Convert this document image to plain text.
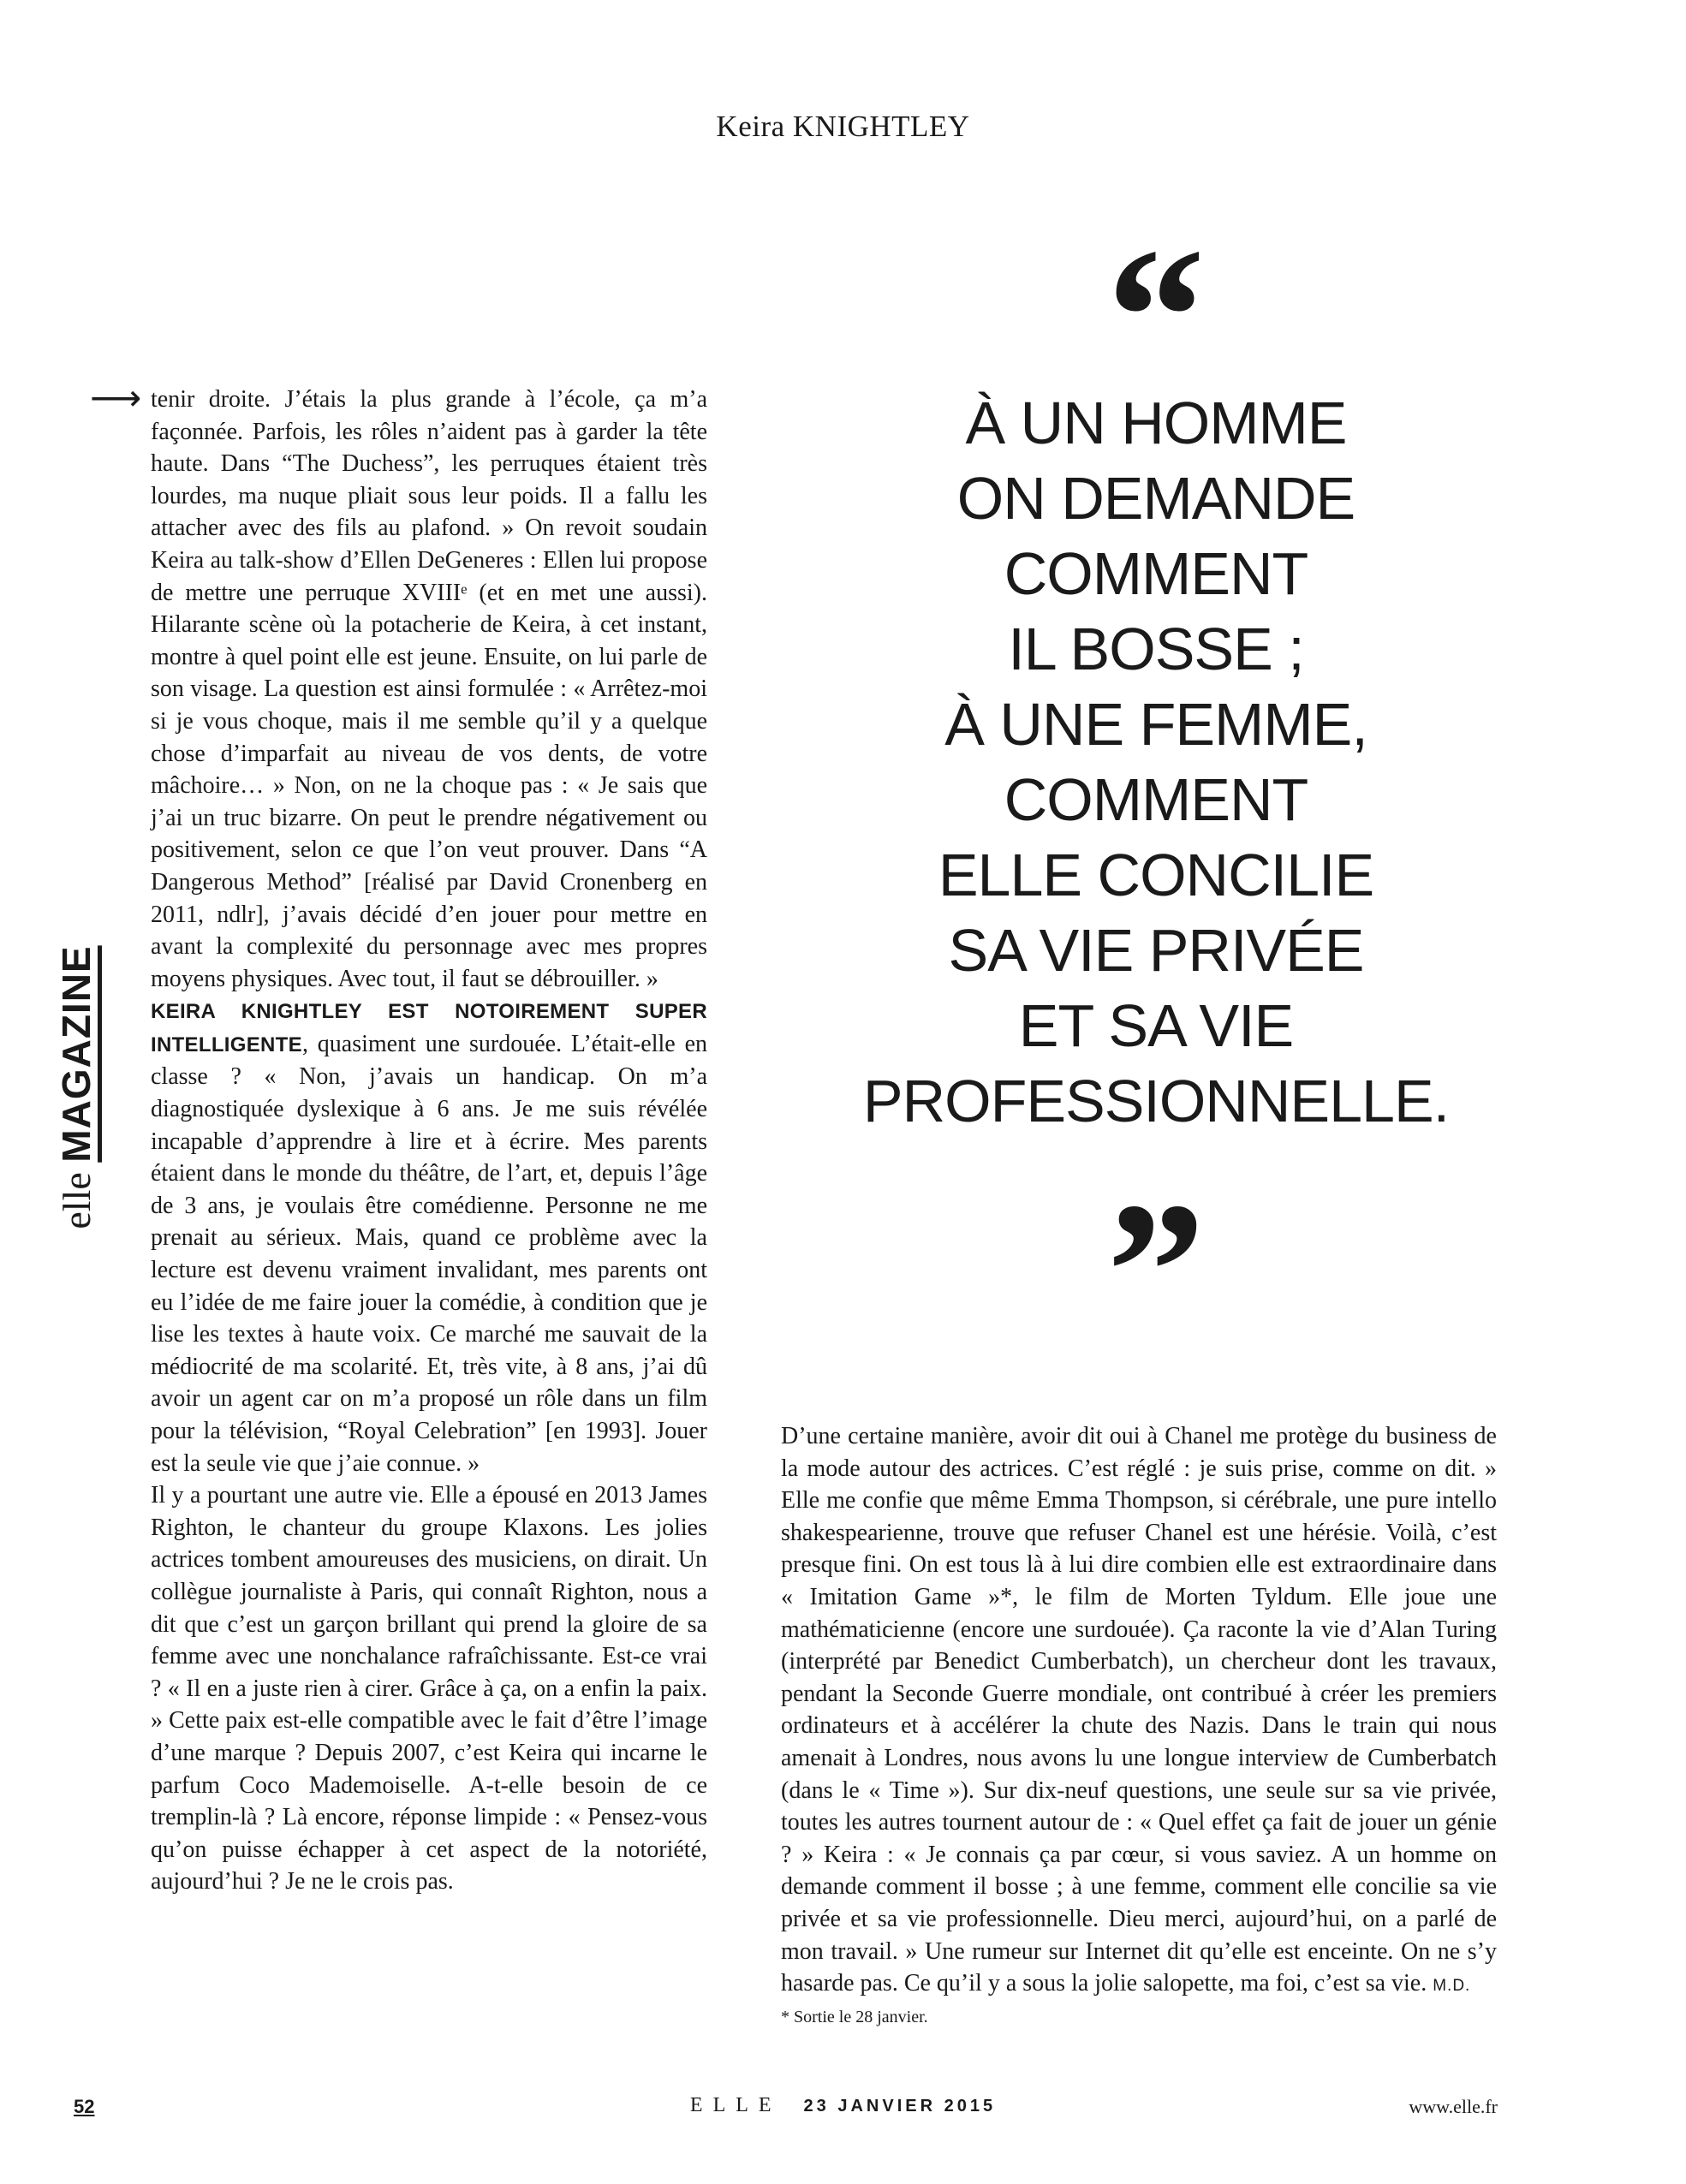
Keira KNIGHTLEY
elle MAGAZINE
⟶ tenir droite. J’étais la plus grande à l’école, ça m’a façonnée. Parfois, les rôles n’aident pas à garder la tête haute. Dans “The Duchess”, les perruques étaient très lourdes, ma nuque pliait sous leur poids. Il a fallu les attacher avec des fils au plafond. » On revoit soudain Keira au talk-show d’Ellen DeGeneres : Ellen lui propose de mettre une perruque XVIIIᵉ (et en met une aussi). Hilarante scène où la potacherie de Keira, à cet instant, montre à quel point elle est jeune. Ensuite, on lui parle de son visage. La question est ainsi formulée : « Arrêtez-moi si je vous choque, mais il me semble qu’il y a quelque chose d’imparfait au niveau de vos dents, de votre mâchoire… » Non, on ne la choque pas : « Je sais que j’ai un truc bizarre. On peut le prendre négativement ou positivement, selon ce que l’on veut prouver. Dans “A Dangerous Method” [réalisé par David Cronenberg en 2011, ndlr], j’avais décidé d’en jouer pour mettre en avant la complexité du personnage avec mes propres moyens physiques. Avec tout, il faut se débrouiller. »

KEIRA KNIGHTLEY EST NOTOIREMENT SUPER INTELLIGENTE, quasiment une surdouée. L’était-elle en classe ? « Non, j’avais un handicap. On m’a diagnostiquée dyslexique à 6 ans. Je me suis révélée incapable d’apprendre à lire et à écrire. Mes parents étaient dans le monde du théâtre, de l’art, et, depuis l’âge de 3 ans, je voulais être comédienne. Personne ne me prenait au sérieux. Mais, quand ce problème avec la lecture est devenu vraiment invalidant, mes parents ont eu l’idée de me faire jouer la comédie, à condition que je lise les textes à haute voix. Ce marché me sauvait de la médiocrité de ma scolarité. Et, très vite, à 8 ans, j’ai dû avoir un agent car on m’a proposé un rôle dans un film pour la télévision, “Royal Celebration” [en 1993]. Jouer est la seule vie que j’aie connue. »

Il y a pourtant une autre vie. Elle a épousé en 2013 James Righton, le chanteur du groupe Klaxons. Les jolies actrices tombent amoureuses des musiciens, on dirait. Un collègue journaliste à Paris, qui connaît Righton, nous a dit que c’est un garçon brillant qui prend la gloire de sa femme avec une nonchalance rafraîchissante. Est-ce vrai ? « Il en a juste rien à cirer. Grâce à ça, on a enfin la paix. » Cette paix est-elle compatible avec le fait d’être l’image d’une marque ? Depuis 2007, c’est Keira qui incarne le parfum Coco Mademoiselle. A-t-elle besoin de ce tremplin-là ? Là encore, réponse limpide : « Pensez-vous qu’on puisse échapper à cet aspect de la notoriété, aujourd’hui ? Je ne le crois pas.

“
À UN HOMME
ON DEMANDE
COMMENT
IL BOSSE ;
À UNE FEMME,
COMMENT
ELLE CONCILIE
SA VIE PRIVÉE
ET SA VIE
PROFESSIONNELLE.
”

D’une certaine manière, avoir dit oui à Chanel me protège du business de la mode autour des actrices. C’est réglé : je suis prise, comme on dit. » Elle me confie que même Emma Thompson, si cérébrale, une pure intello shakespearienne, trouve que refuser Chanel est une hérésie. Voilà, c’est presque fini. On est tous là à lui dire combien elle est extraordinaire dans « Imitation Game »*, le film de Morten Tyldum. Elle joue une mathématicienne (encore une surdouée). Ça raconte la vie d’Alan Turing (interprété par Benedict Cumberbatch), un chercheur dont les travaux, pendant la Seconde Guerre mondiale, ont contribué à créer les premiers ordinateurs et à accélérer la chute des Nazis. Dans le train qui nous amenait à Londres, nous avons lu une longue interview de Cumberbatch (dans le « Time »). Sur dix-neuf questions, une seule sur sa vie privée, toutes les autres tournent autour de : « Quel effet ça fait de jouer un génie ? » Keira : « Je connais ça par cœur, si vous saviez. A un homme on demande comment il bosse ; à une femme, comment elle concilie sa vie privée et sa vie professionnelle. Dieu merci, aujourd’hui, on a parlé de mon travail. » Une rumeur sur Internet dit qu’elle est enceinte. On ne s’y hasarde pas. Ce qu’il y a sous la jolie salopette, ma foi, c’est sa vie. M.D.

* Sortie le 28 janvier.
52	ELLE 23 JANVIER 2015	www.elle.fr
